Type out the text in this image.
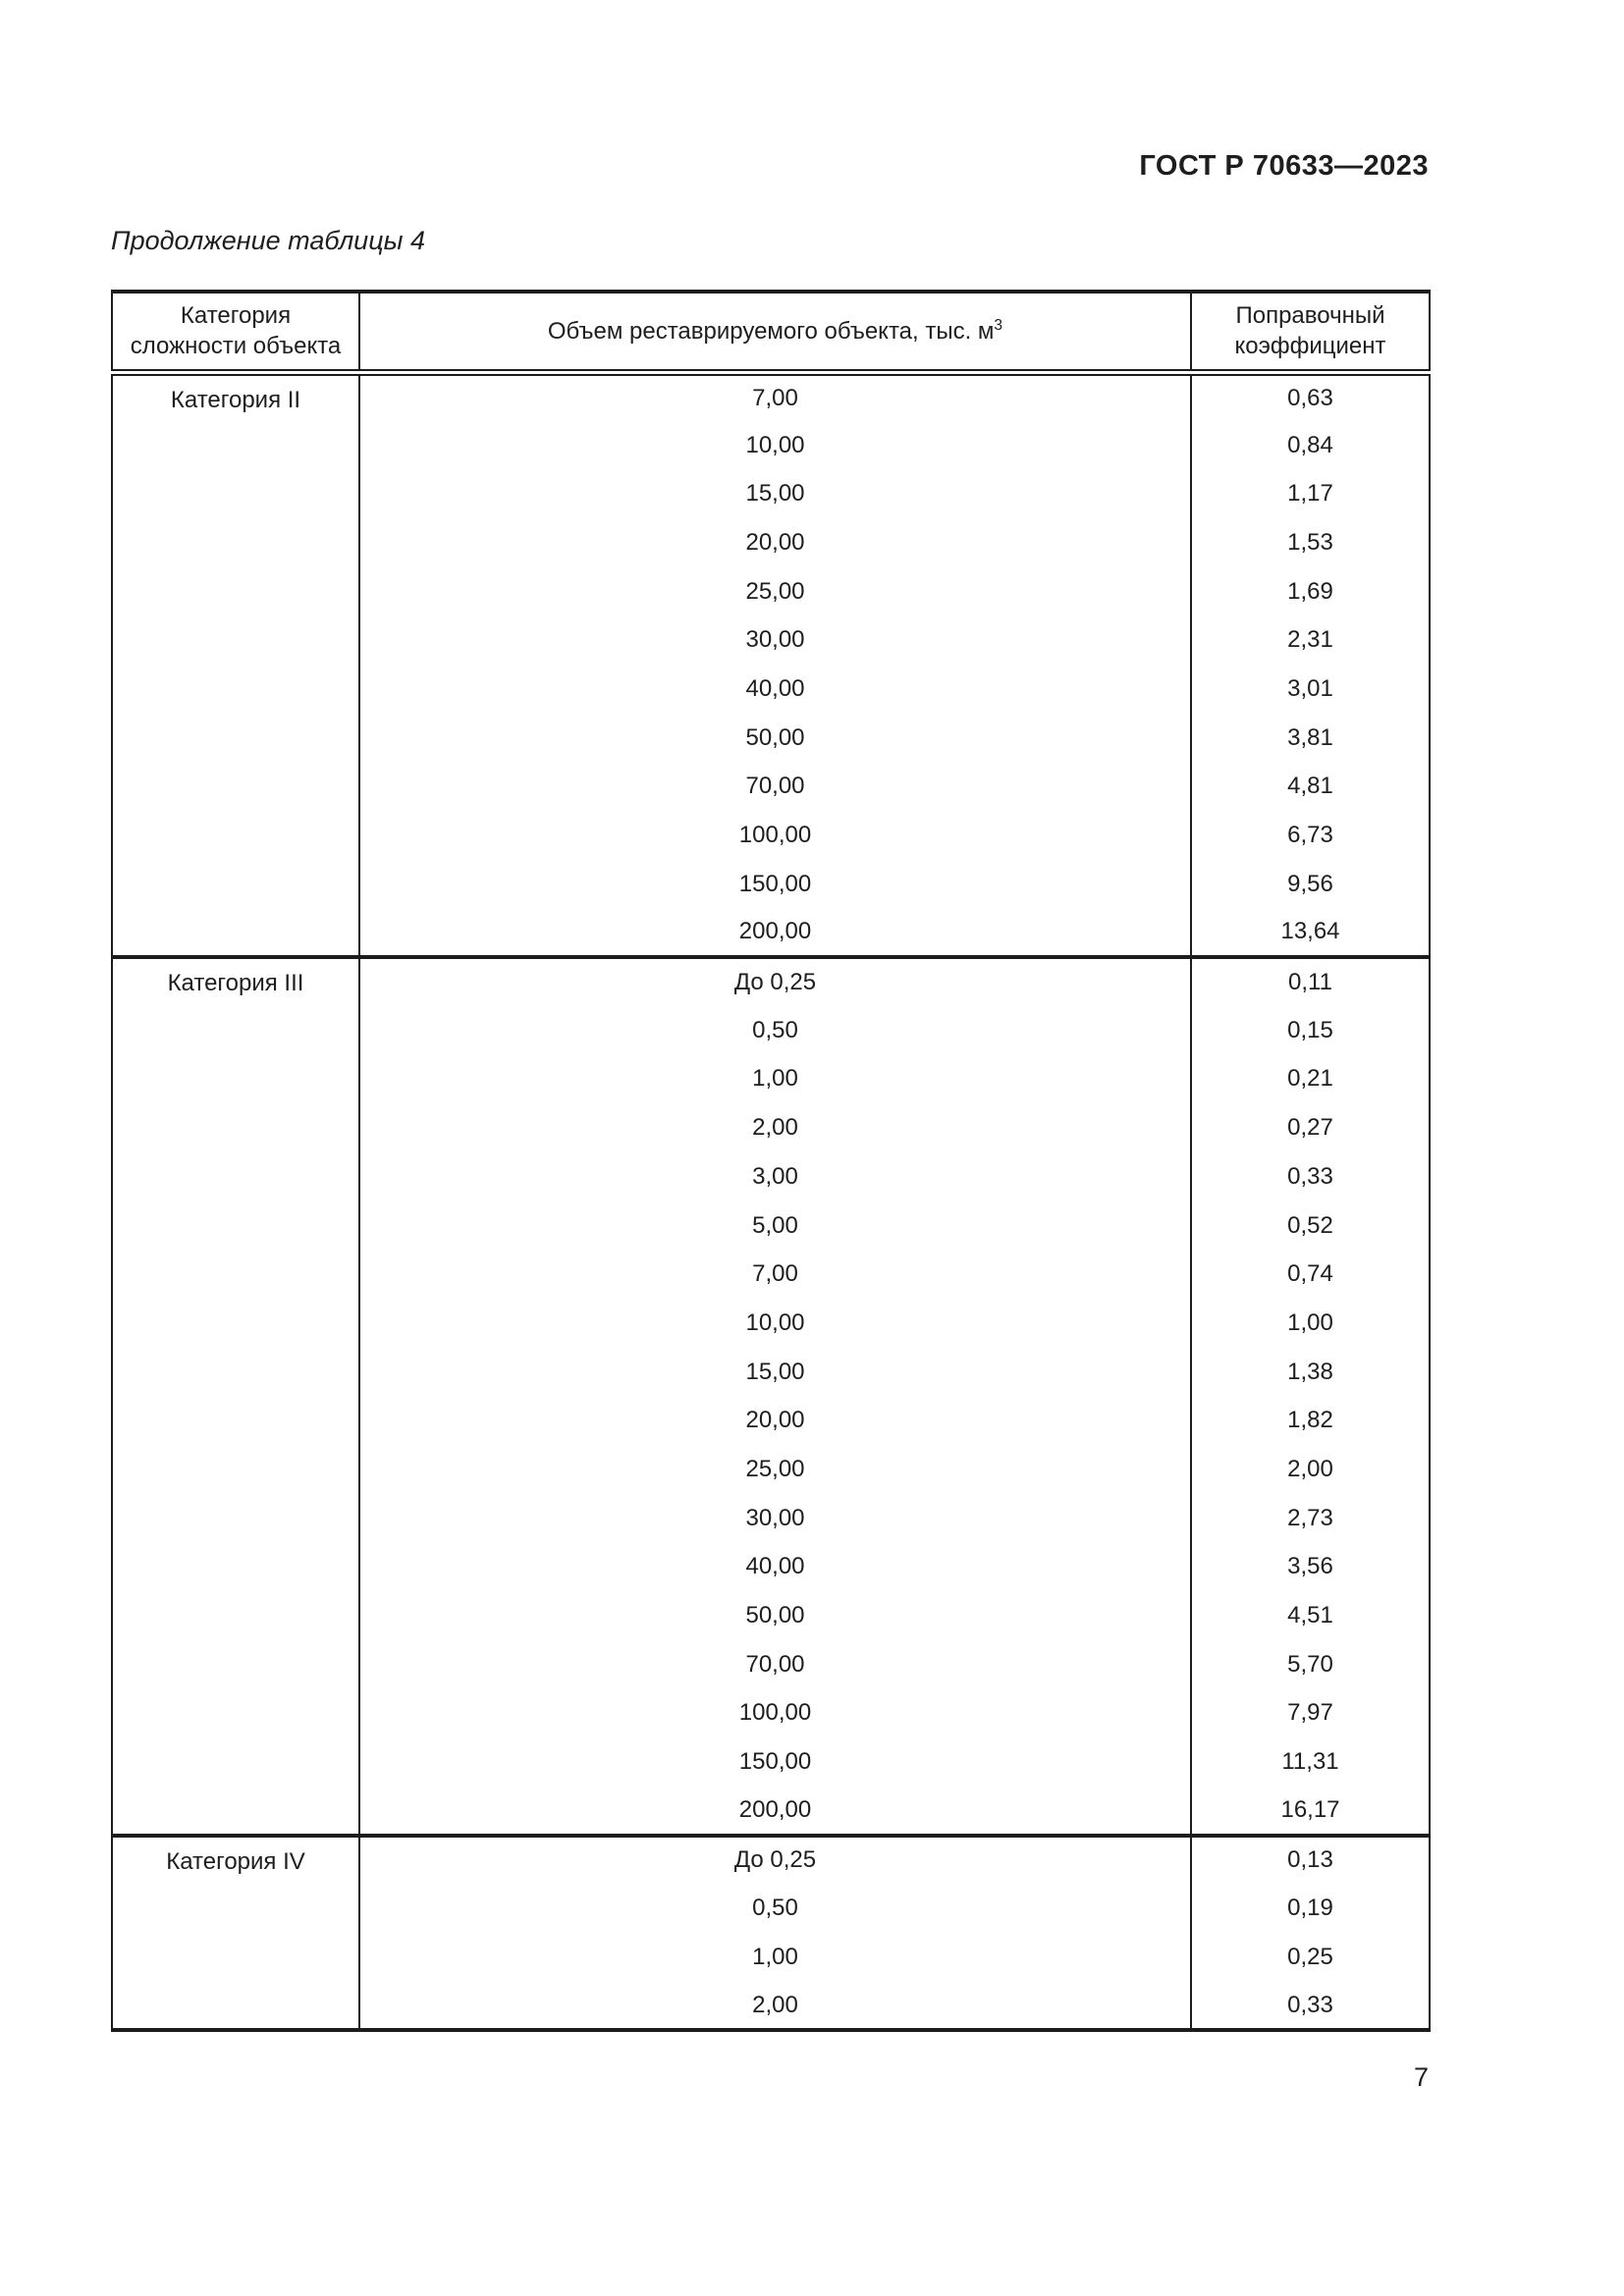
ГОСТ Р 70633—2023
Продолжение таблицы 4
Категория сложности объекта	Объем реставрируемого объекта, тыс. $м^3$	Поправочный коэффициент
Категория II	7,00	0,63
	10,00	0,84
	15,00	1,17
	20,00	1,53
	25,00	1,69
	30,00	2,31
	40,00	3,01
	50,00	3,81
	70,00	4,81
	100,00	6,73
	150,00	9,56
	200,00	13,64
Категория III	До 0,25	0,11
	0,50	0,15
	1,00	0,21
	2,00	0,27
	3,00	0,33
	5,00	0,52
	7,00	0,74
	10,00	1,00
	15,00	1,38
	20,00	1,82
	25,00	2,00
	30,00	2,73
	40,00	3,56
	50,00	4,51
	70,00	5,70
	100,00	7,97
	150,00	11,31
	200,00	16,17
Категория IV	До 0,25	0,13
	0,50	0,19
	1,00	0,25
	2,00	0,33
7
